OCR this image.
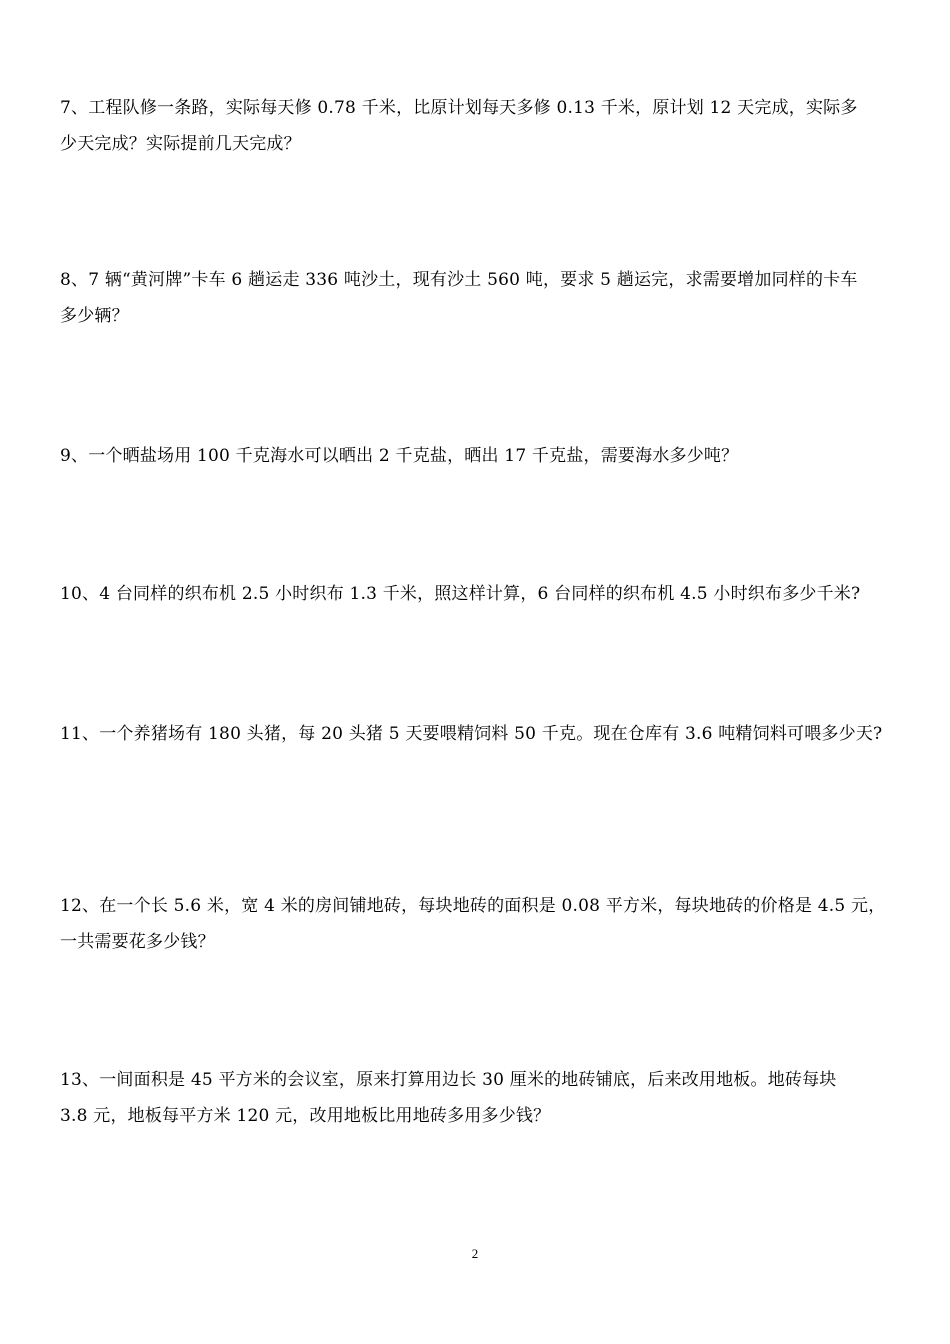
7、工程队修一条路，实际每天修 0.78 千米，比原计划每天多修 0.13 千米，原计划 12 天完成，实际多
少天完成？实际提前几天完成？
8、7 辆“黄河牌”卡车 6 趟运走 336 吨沙土，现有沙土 560 吨，要求 5 趟运完，求需要增加同样的卡车
多少辆？
9、一个晒盐场用 100 千克海水可以晒出 2 千克盐，晒出 17 千克盐，需要海水多少吨？
10、4 台同样的织布机 2.5 小时织布 1.3 千米，照这样计算，6 台同样的织布机 4.5 小时织布多少千米?
11、一个养猪场有 180 头猪，每 20 头猪 5 天要喂精饲料 50 千克。现在仓库有 3.6 吨精饲料可喂多少天?
12、在一个长 5.6 米，宽 4 米的房间铺地砖，每块地砖的面积是 0.08 平方米，每块地砖的价格是 4.5 元，
一共需要花多少钱？
13、一间面积是 45 平方米的会议室，原来打算用边长 30 厘米的地砖铺底，后来改用地板。地砖每块
3.8 元，地板每平方米 120 元，改用地板比用地砖多用多少钱？
2
